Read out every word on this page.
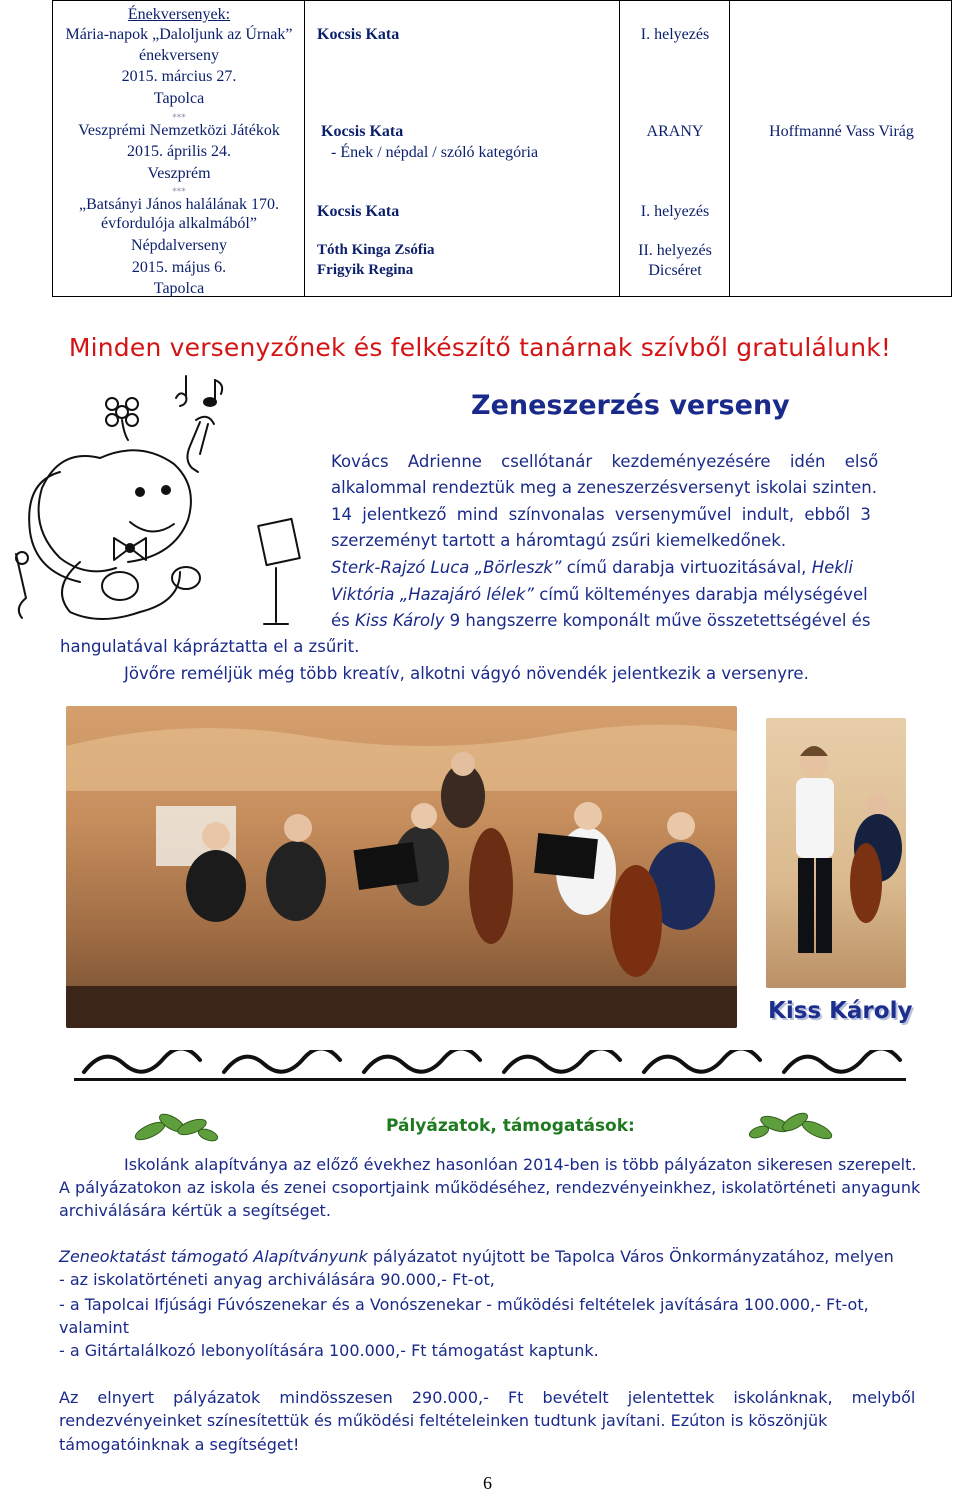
Énekversenyek:
Mária-napok „Daloljunk az Úrnak”
énekverseny
2015. március 27.
Tapolca
***
Veszprémi Nemzetközi Játékok
2015. április 24.
Veszprém
***
„Batsányi János halálának 170.
évfordulója alkalmából”
Népdalverseny
2015. május 6.
Tapolca
Kocsis Kata
Kocsis Kata
- Ének / népdal / szóló kategória
Kocsis Kata
Tóth Kinga Zsófia
Frigyik Regina
I. helyezés
ARANY
I. helyezés
II. helyezés
Dicséret
Hoffmanné Vass Virág
Minden versenyzőnek és felkészítő tanárnak szívből gratulálunk!
Zeneszerzés verseny
Kovács Adrienne csellótanár kezdeményezésére idén első
alkalommal rendeztük meg a zeneszerzésversenyt iskolai szinten.
14 jelentkező mind színvonalas versenyművel indult, ebből 3
szerzeményt tartott a háromtagú zsűri kiemelkedőnek.
Sterk-Rajzó Luca „Börleszk” című darabja virtuozitásával, Hekli
Viktória „Hazajáró lélek” című költeményes darabja mélységével
és Kiss Károly 9 hangszerre komponált műve összetettségével és
hangulatával kápráztatta el a zsűrit.
Jövőre reméljük még több kreatív, alkotni vágyó növendék jelentkezik a versenyre.
Kiss Károly
Pályázatok, támogatások:
Iskolánk alapítványa az előző évekhez hasonlóan 2014-ben is több pályázaton sikeresen szerepelt.
A pályázatokon az iskola és zenei csoportjaink működéséhez, rendezvényeinkhez, iskolatörténeti anyagunk
archiválására kértük a segítséget.
Zeneoktatást támogató Alapítványunk pályázatot nyújtott be Tapolca Város Önkormányzatához, melyen
- az iskolatörténeti anyag archiválására 90.000,- Ft-ot,
- a Tapolcai Ifjúsági Fúvószenekar és a Vonószenekar - működési feltételek javítására 100.000,- Ft-ot,
valamint
- a Gitártalálkozó lebonyolítására 100.000,- Ft támogatást kaptunk.
Az elnyert pályázatok mindösszesen 290.000,- Ft bevételt jelentettek iskolánknak, melyből
rendezvényeinket színesítettük és működési feltételeinken tudtunk javítani. Ezúton is köszönjük
támogatóinknak a segítséget!
6
